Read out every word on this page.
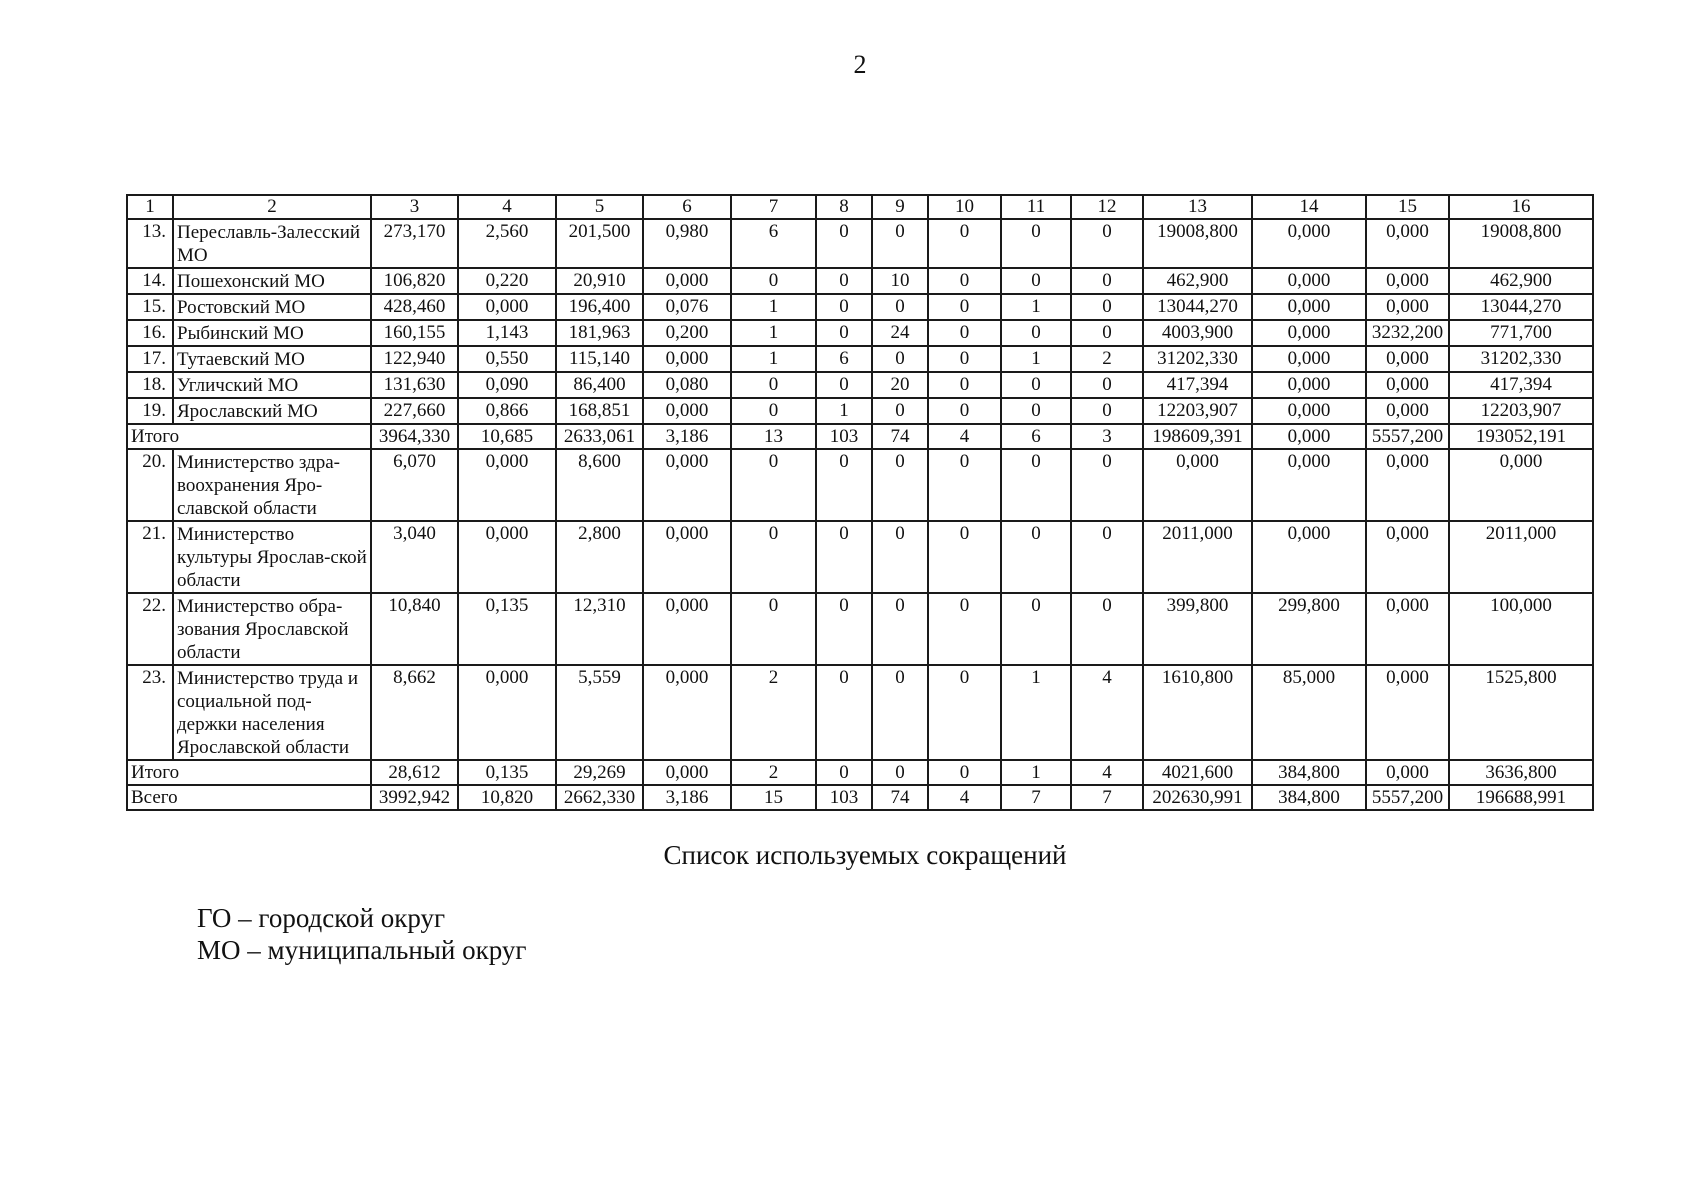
2
1	2	3	4	5	6	7	8	9	10	11	12	13	14	15	16
13.	Переславль-Залесский МО	273,170	2,560	201,500	0,980	6	0	0	0	0	0	19008,800	0,000	0,000	19008,800
14.	Пошехонский МО	106,820	0,220	20,910	0,000	0	0	10	0	0	0	462,900	0,000	0,000	462,900
15.	Ростовский МО	428,460	0,000	196,400	0,076	1	0	0	0	1	0	13044,270	0,000	0,000	13044,270
16.	Рыбинский МО	160,155	1,143	181,963	0,200	1	0	24	0	0	0	4003,900	0,000	3232,200	771,700
17.	Тутаевский МО	122,940	0,550	115,140	0,000	1	6	0	0	1	2	31202,330	0,000	0,000	31202,330
18.	Угличский МО	131,630	0,090	86,400	0,080	0	0	20	0	0	0	417,394	0,000	0,000	417,394
19.	Ярославский МО	227,660	0,866	168,851	0,000	0	1	0	0	0	0	12203,907	0,000	0,000	12203,907
Итого		3964,330	10,685	2633,061	3,186	13	103	74	4	6	3	198609,391	0,000	5557,200	193052,191
20.	Министерство здра-воохранения Яро-славской области	6,070	0,000	8,600	0,000	0	0	0	0	0	0	0,000	0,000	0,000	0,000
21.	Министерство культуры Ярослав-ской области	3,040	0,000	2,800	0,000	0	0	0	0	0	0	2011,000	0,000	0,000	2011,000
22.	Министерство обра-зования Ярославской области	10,840	0,135	12,310	0,000	0	0	0	0	0	0	399,800	299,800	0,000	100,000
23.	Министерство труда и социальной под-держки населения Ярославской области	8,662	0,000	5,559	0,000	2	0	0	0	1	4	1610,800	85,000	0,000	1525,800
Итого		28,612	0,135	29,269	0,000	2	0	0	0	1	4	4021,600	384,800	0,000	3636,800
Всего		3992,942	10,820	2662,330	3,186	15	103	74	4	7	7	202630,991	384,800	5557,200	196688,991
Список используемых сокращений
ГО – городской округ
МО – муниципальный округ
